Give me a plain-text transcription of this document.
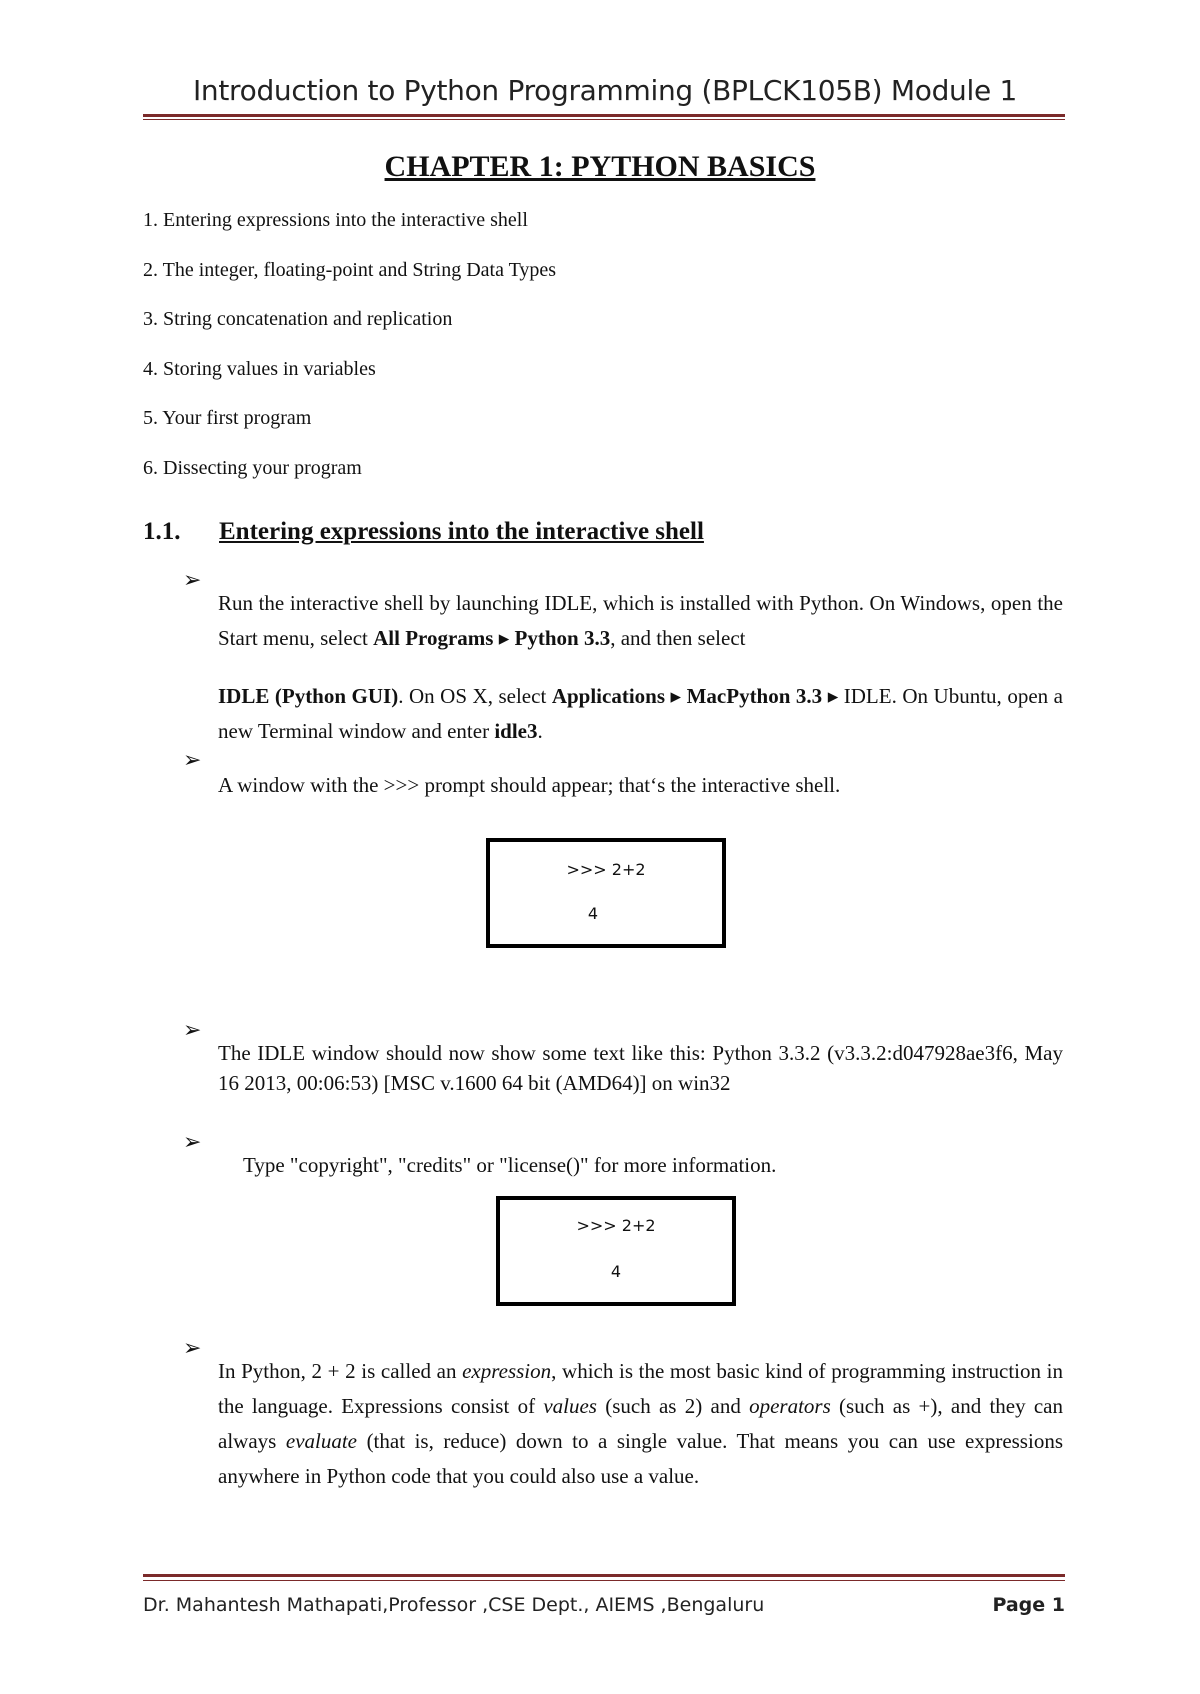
Introduction to Python Programming (BPLCK105B) Module 1
CHAPTER 1: PYTHON BASICS
1. Entering expressions into the interactive shell
2. The integer, floating-point and String Data Types
3. String concatenation and replication
4. Storing values in variables
5. Your first program
6. Dissecting your program
1.1. Entering expressions into the interactive shell
➢
Run the interactive shell by launching IDLE, which is installed with Python. On Windows, open the Start menu, select All Programs ▸ Python 3.3, and then select
IDLE (Python GUI). On OS X, select Applications ▸ MacPython 3.3 ▸ IDLE. On Ubuntu, open a new Terminal window and enter idle3.
➢
A window with the >>> prompt should appear; that‘s the interactive shell.
>>> 2+2
4
➢
The IDLE window should now show some text like this: Python 3.3.2 (v3.3.2:d047928ae3f6, May 16 2013, 00:06:53) [MSC v.1600 64 bit (AMD64)] on win32
➢
Type "copyright", "credits" or "license()" for more information.
>>> 2+2
4
➢
In Python, 2 + 2 is called an expression, which is the most basic kind of programming instruction in the language. Expressions consist of values (such as 2) and operators (such as +), and they can always evaluate (that is, reduce) down to a single value. That means you can use expressions anywhere in Python code that you could also use a value.
Dr. Mahantesh Mathapati,Professor ,CSE Dept., AIEMS ,Bengaluru	Page 1
